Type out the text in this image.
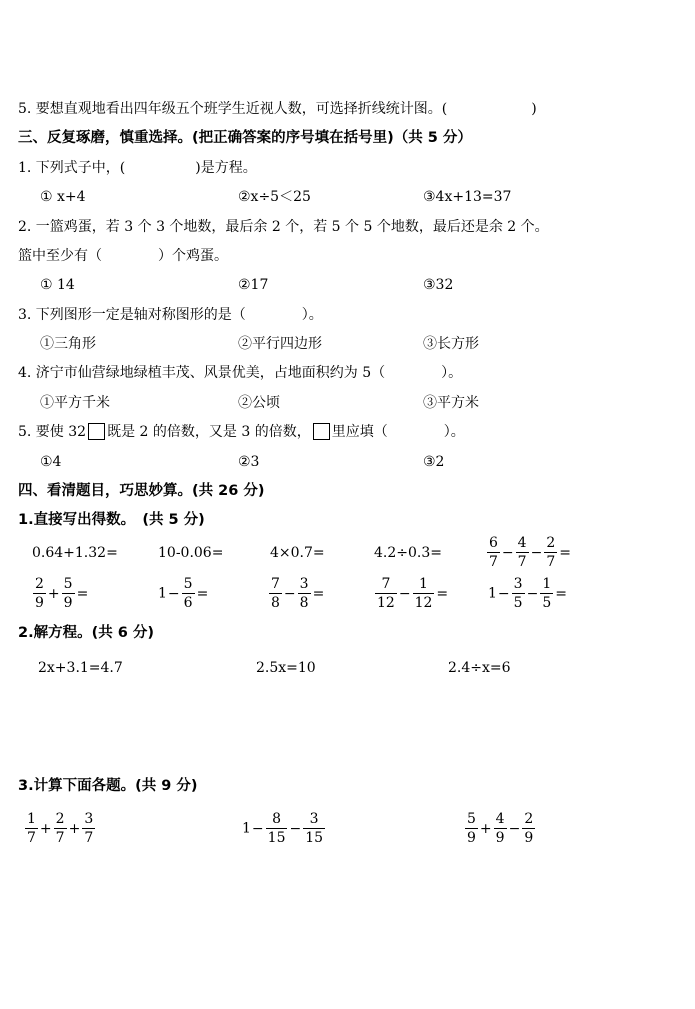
5. 要想直观地看出四年级五个班学生近视人数，可选择折线统计图。(　　　　　　)
三、反复琢磨，慎重选择。(把正确答案的序号填在括号里)（共 5 分）
1. 下列式子中，(　　　　　)是方程。
① x+4	②x÷5＜25	③4x+13=37
2. 一篮鸡蛋，若 3 个 3 个地数，最后余 2 个，若 5 个 5 个地数，最后还是余 2 个。
篮中至少有（　　　　）个鸡蛋。
① 14	②17	③32
3. 下列图形一定是轴对称图形的是（　　　　）。
①三角形	②平行四边形	③长方形
4. 济宁市仙营绿地绿植丰茂、风景优美，占地面积约为 5（　　　　）。
①平方千米	②公顷	③平方米
5. 要使 32 既是 2 的倍数，又是 3 的倍数， 里应填（　　　　）。
①4	②3	③2
四、看清题目，巧思妙算。(共 26 分)
1.直接写出得数。　(共 5 分)
0.64+1.32=	10-0.06=	4×0.7=	4.2÷0.3=	$\frac{6}{7} - \frac{4}{7} - \frac{2}{7}$ =
$\frac{2}{9} + \frac{5}{9}$ =	$1- \frac{5}{6}$ =	$\frac{7}{8} - \frac{3}{8}$ =	$\frac{7}{12} - \frac{1}{12}$ =	$1- \frac{3}{5} - \frac{1}{5}$ =
2.解方程。(共 6 分)
2x+3.1=4.7	2.5x=10	2.4÷x=6
3.计算下面各题。(共 9 分)
$\frac{1}{7} + \frac{2}{7} + \frac{3}{7}$	$1- \frac{8}{15} - \frac{3}{15}$	$\frac{5}{9} + \frac{4}{9} - \frac{2}{9}$
